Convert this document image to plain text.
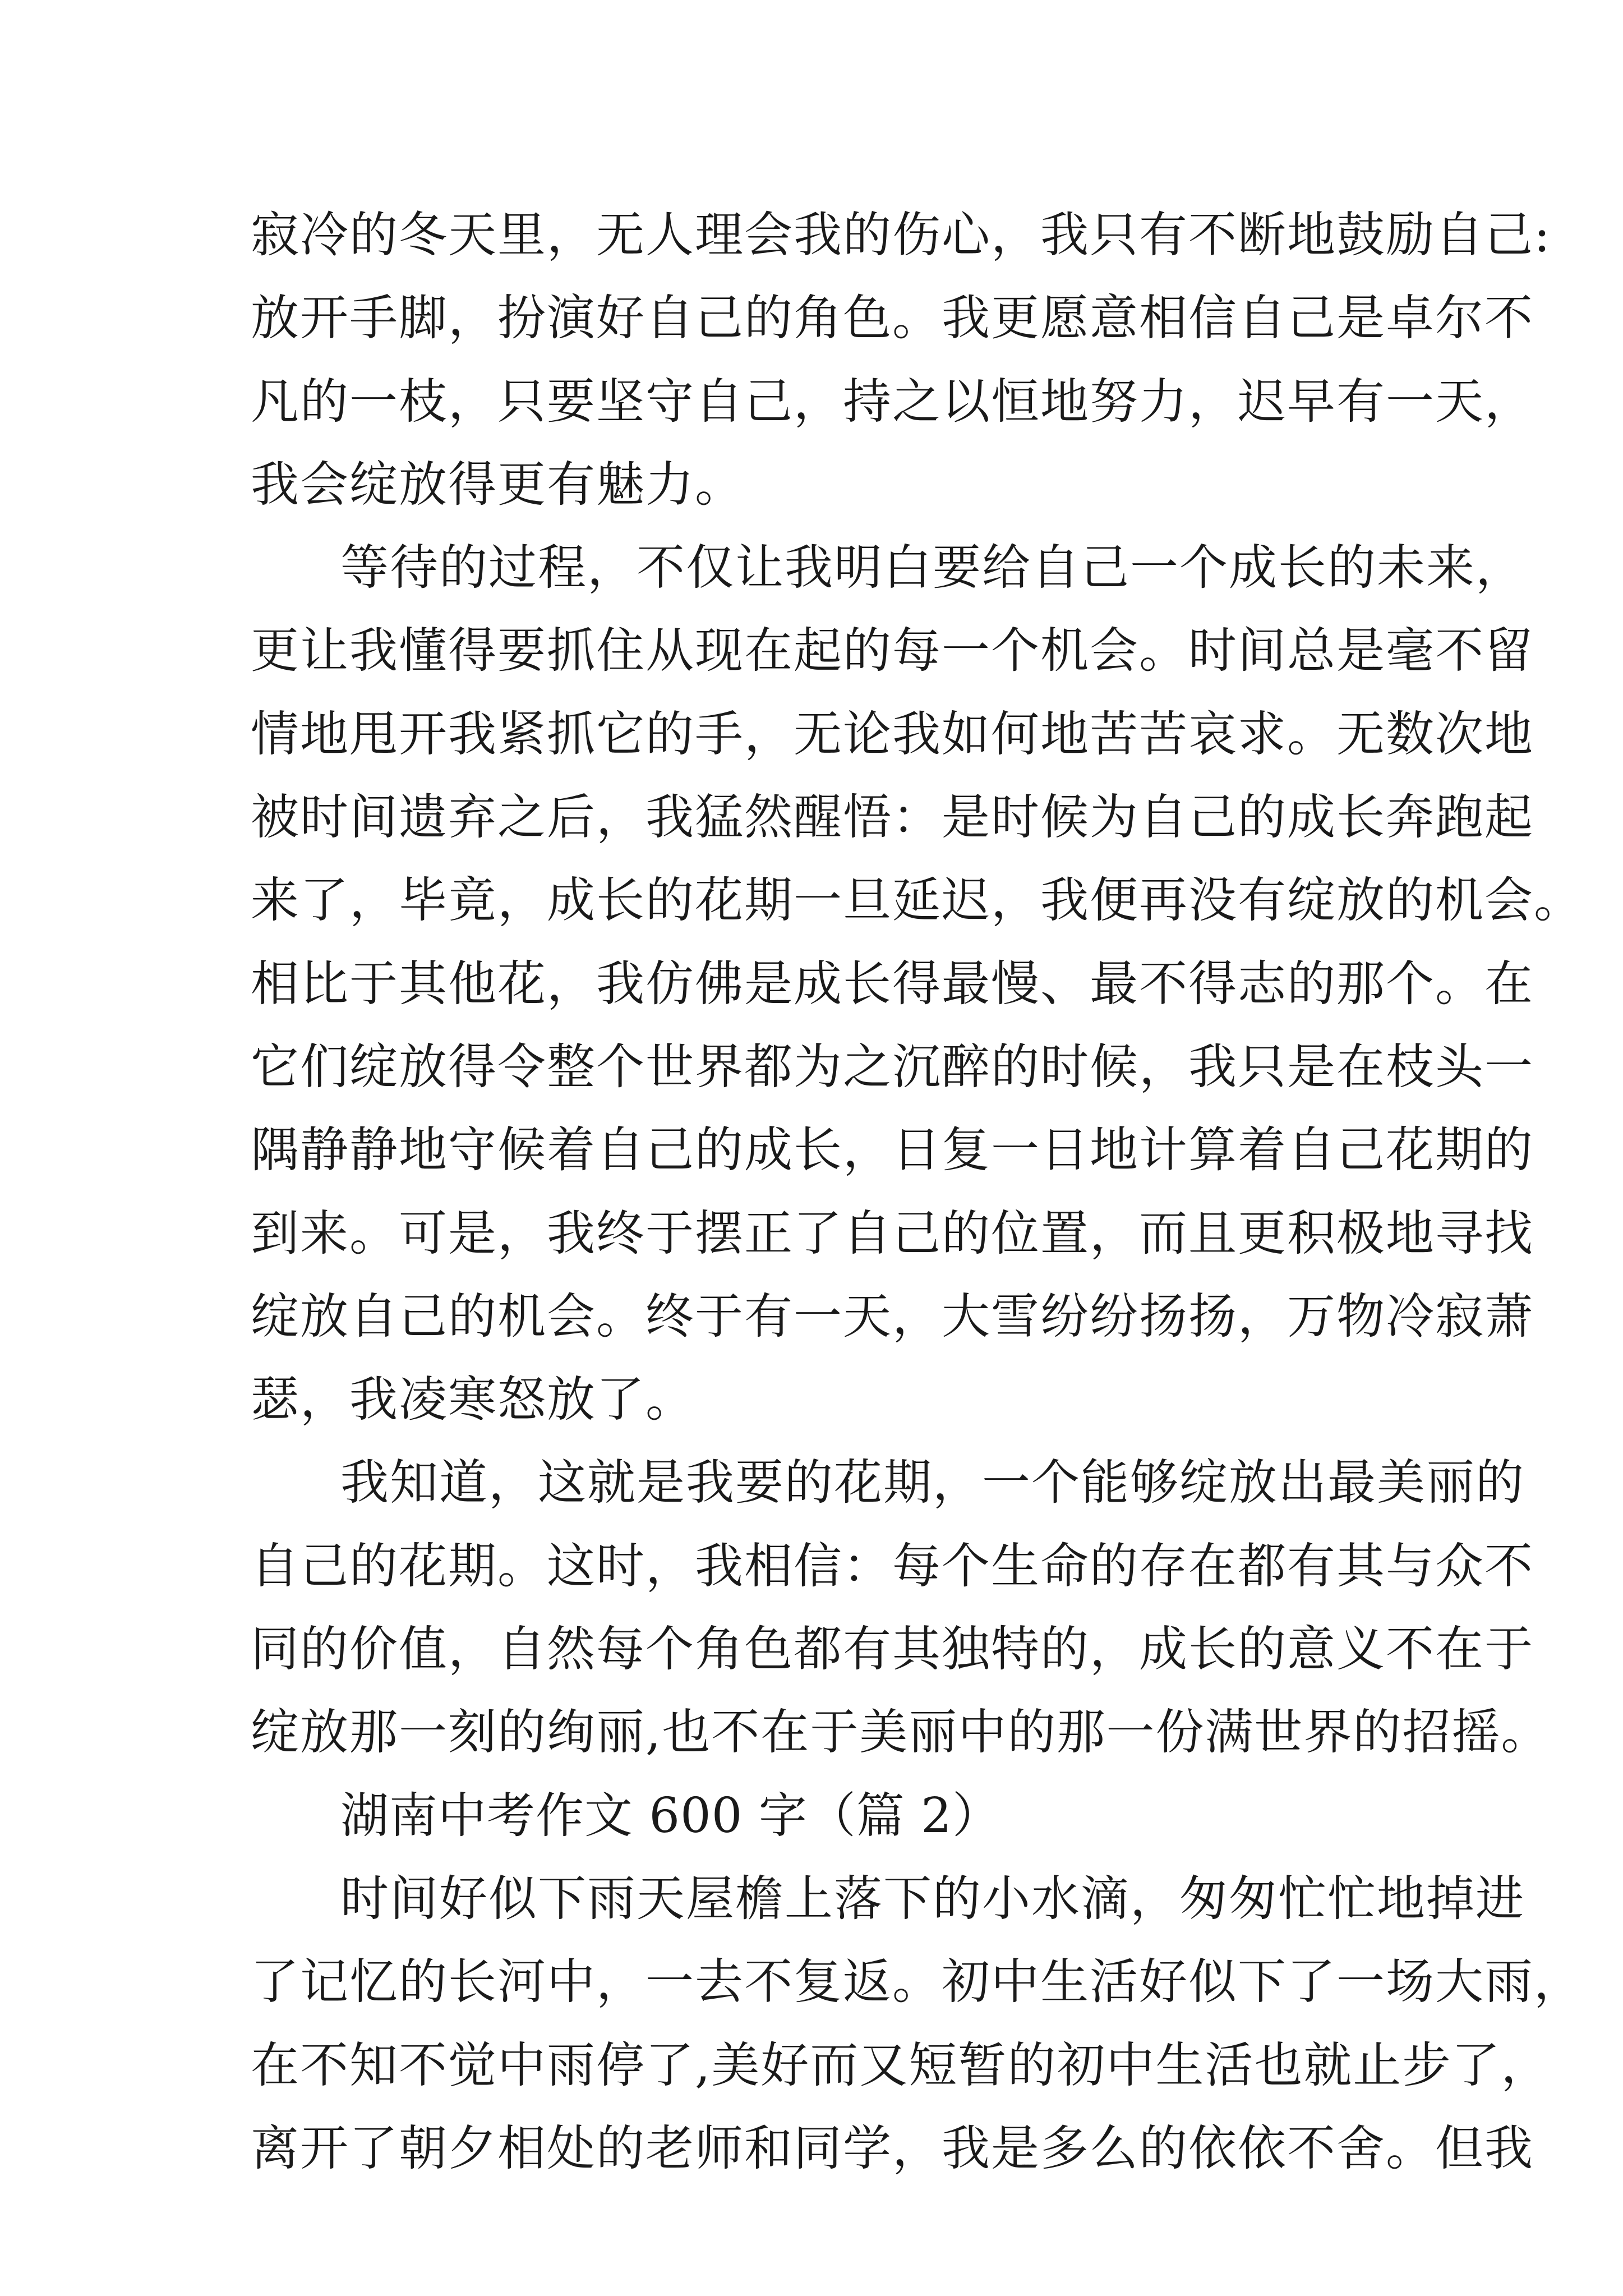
寂冷的冬天里，无人理会我的伤心，我只有不断地鼓励自己:
放开手脚，扮演好自己的角色。我更愿意相信自己是卓尔不
凡的一枝，只要坚守自己，持之以恒地努力，迟早有一天，
我会绽放得更有魅力。
等待的过程，不仅让我明白要给自己一个成长的未来，
更让我懂得要抓住从现在起的每一个机会。时间总是毫不留
情地甩开我紧抓它的手，无论我如何地苦苦哀求。无数次地
被时间遗弃之后，我猛然醒悟：是时候为自己的成长奔跑起
来了，毕竟，成长的花期一旦延迟，我便再没有绽放的机会。
相比于其他花，我仿佛是成长得最慢、最不得志的那个。在
它们绽放得令整个世界都为之沉醉的时候，我只是在枝头一
隅静静地守候着自己的成长，日复一日地计算着自己花期的
到来。可是，我终于摆正了自己的位置，而且更积极地寻找
绽放自己的机会。终于有一天，大雪纷纷扬扬，万物冷寂萧
瑟，我凌寒怒放了。
我知道，这就是我要的花期，一个能够绽放出最美丽的
自己的花期。这时，我相信：每个生命的存在都有其与众不
同的价值，自然每个角色都有其独特的，成长的意义不在于
绽放那一刻的绚丽,也不在于美丽中的那一份满世界的招摇。
湖南中考作文 600 字（篇 2）
时间好似下雨天屋檐上落下的小水滴，匆匆忙忙地掉进
了记忆的长河中，一去不复返。初中生活好似下了一场大雨，
在不知不觉中雨停了,美好而又短暂的初中生活也就止步了，
离开了朝夕相处的老师和同学，我是多么的依依不舍。但我
